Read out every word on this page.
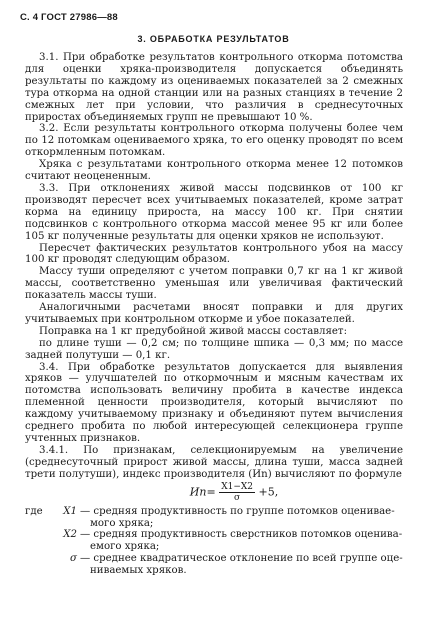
С. 4 ГОСТ 27986—88
3. ОБРАБОТКА РЕЗУЛЬТАТОВ

3.1. При обработке результатов контрольного откорма потомства для оценки хряка-производителя допускается объединять результаты по каждому из оцениваемых показателей за 2 смежных тура откорма на одной станции или на разных станциях в течение 2 смежных лет при условии, что различия в среднесуточных приростах объединяемых групп не превышают 10 %.

3.2. Если результаты контрольного откорма получены более чем по 12 потомкам оцениваемого хряка, то его оценку проводят по всем откормленным потомкам.

Хряка с результатами контрольного откорма менее 12 потомков считают неоцененным.

3.3. При отклонениях живой массы подсвинков от 100 кг производят пересчет всех учитываемых показателей, кроме затрат корма на единицу прироста, на массу 100 кг. При снятии подсвинков с контрольного откорма массой менее 95 кг или более 105 кг полученные результаты для оценки хряков не используют.

Пересчет фактических результатов контрольного убоя на массу 100 кг проводят следующим образом.

Массу туши определяют с учетом поправки 0,7 кг на 1 кг живой массы, соответственно уменьшая или увеличивая фактический показатель массы туши.

Аналогичными расчетами вносят поправки и для других учитываемых при контрольном откорме и убое показателей.

Поправка на 1 кг предубойной живой массы составляет:

по длине туши — 0,2 см; по толщине шпика — 0,3 мм; по массе задней полутуши — 0,1 кг.

3.4. При обработке результатов допускается для выявления хряков — улучшателей по откормочным и мясным качествам их потомства использовать величину пробита в качестве индекса племенной ценности производителя, который вычисляют по каждому учитываемому признаку и объединяют путем вычисления среднего пробита по любой интересующей селекционера группе учтенных признаков.

3.4.1. По признакам, селекционируемым на увеличение (среднесуточный прирост живой массы, длина туши, масса задней трети полутуши), индекс производителя (Иn) вычисляют по формуле

$Иn= \frac{X1-X2}{\sigma} +5$,
где	X1 — средняя продуктивность по группе потомков оценивае-
мого хряка;
X2 — средняя продуктивность сверстников потомков оценива-
емого хряка;
σ — среднее квадратическое отклонение по всей группе оце-
ниваемых хряков.
